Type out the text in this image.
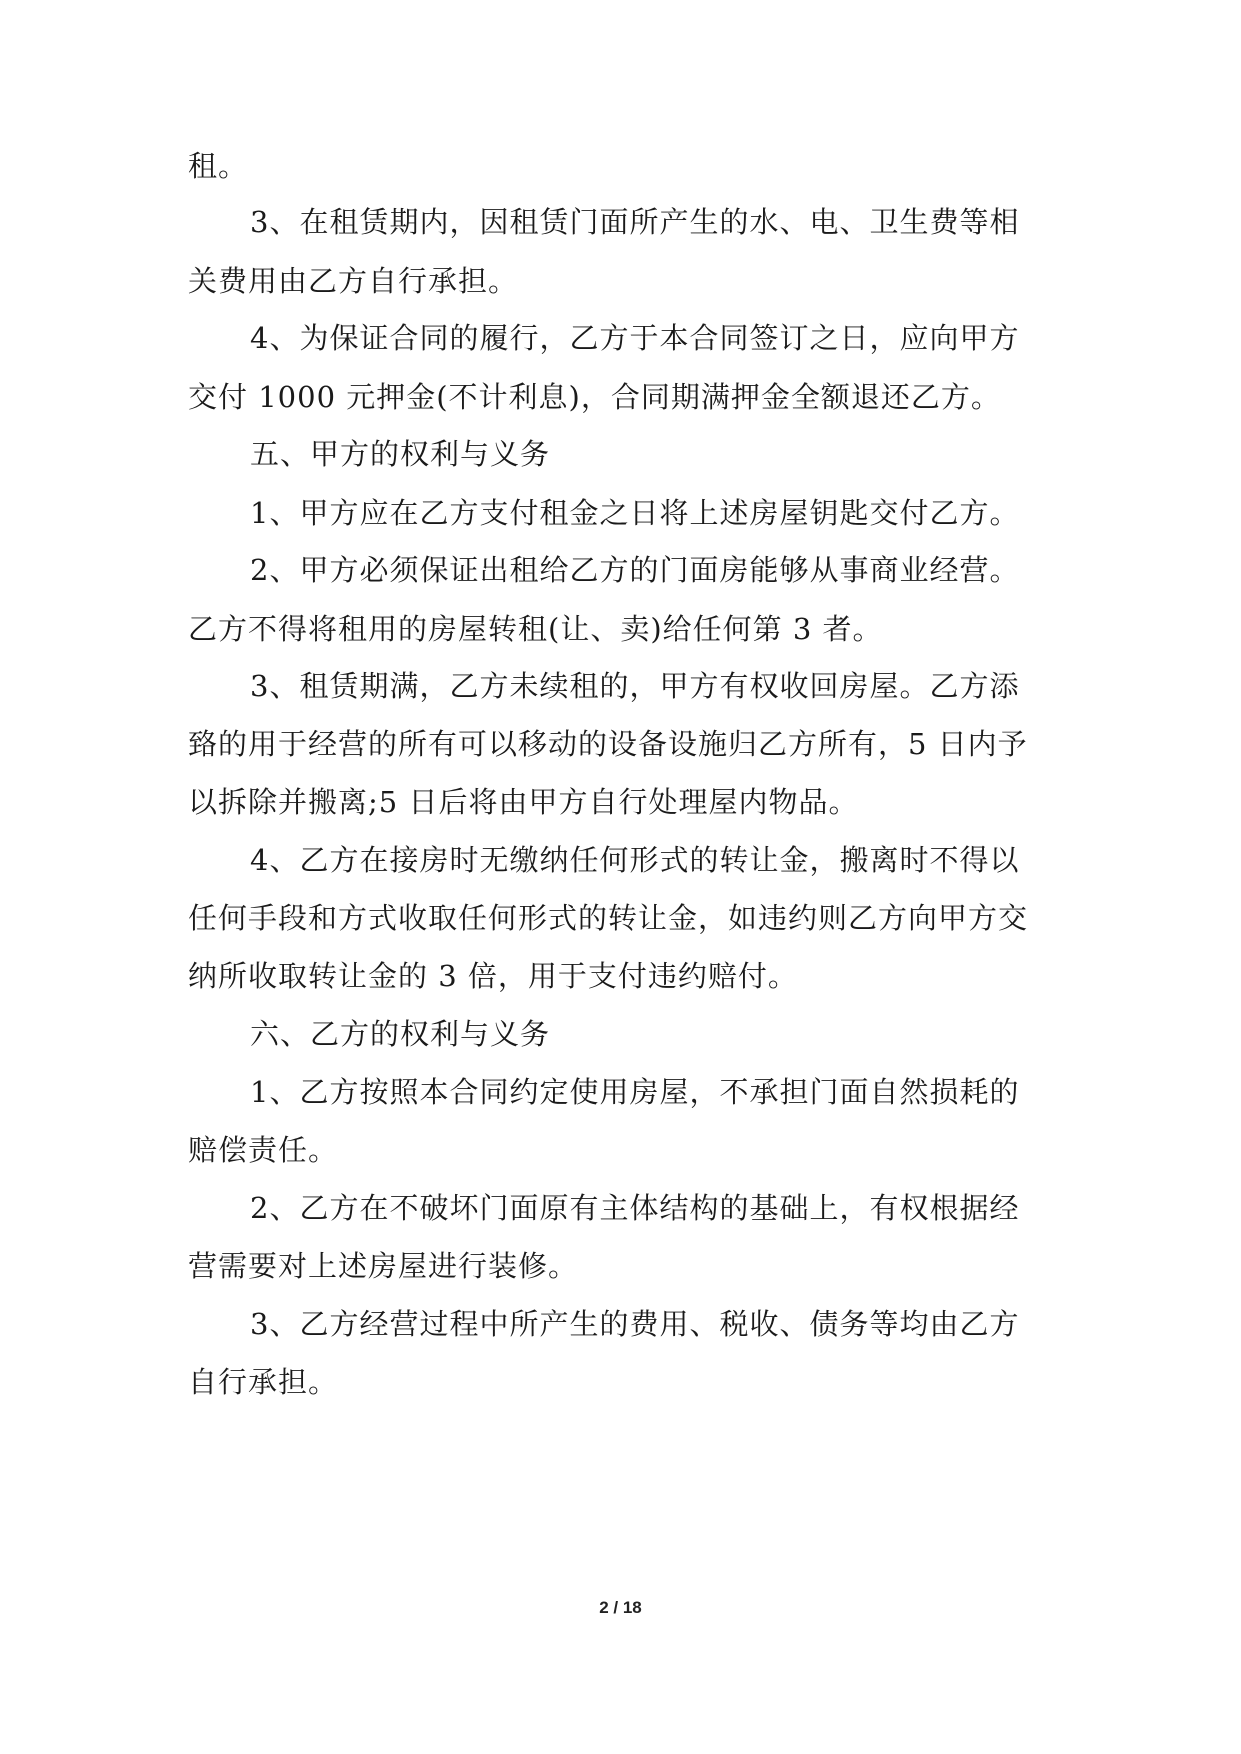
租。
3、在租赁期内，因租赁门面所产生的水、电、卫生费等相
关费用由乙方自行承担。
4、为保证合同的履行，乙方于本合同签订之日，应向甲方
交付 1000 元押金(不计利息)，合同期满押金全额退还乙方。
五、甲方的权利与义务
1、甲方应在乙方支付租金之日将上述房屋钥匙交付乙方。
2、甲方必须保证出租给乙方的门面房能够从事商业经营。
乙方不得将租用的房屋转租(让、卖)给任何第 3 者。
3、租赁期满，乙方未续租的，甲方有权收回房屋。乙方添
臵的用于经营的所有可以移动的设备设施归乙方所有，5 日内予
以拆除并搬离;5 日后将由甲方自行处理屋内物品。
4、乙方在接房时无缴纳任何形式的转让金，搬离时不得以
任何手段和方式收取任何形式的转让金，如违约则乙方向甲方交
纳所收取转让金的 3 倍，用于支付违约赔付。
六、乙方的权利与义务
1、乙方按照本合同约定使用房屋，不承担门面自然损耗的
赔偿责任。
2、乙方在不破坏门面原有主体结构的基础上，有权根据经
营需要对上述房屋进行装修。
3、乙方经营过程中所产生的费用、税收、债务等均由乙方
自行承担。
2 / 18
